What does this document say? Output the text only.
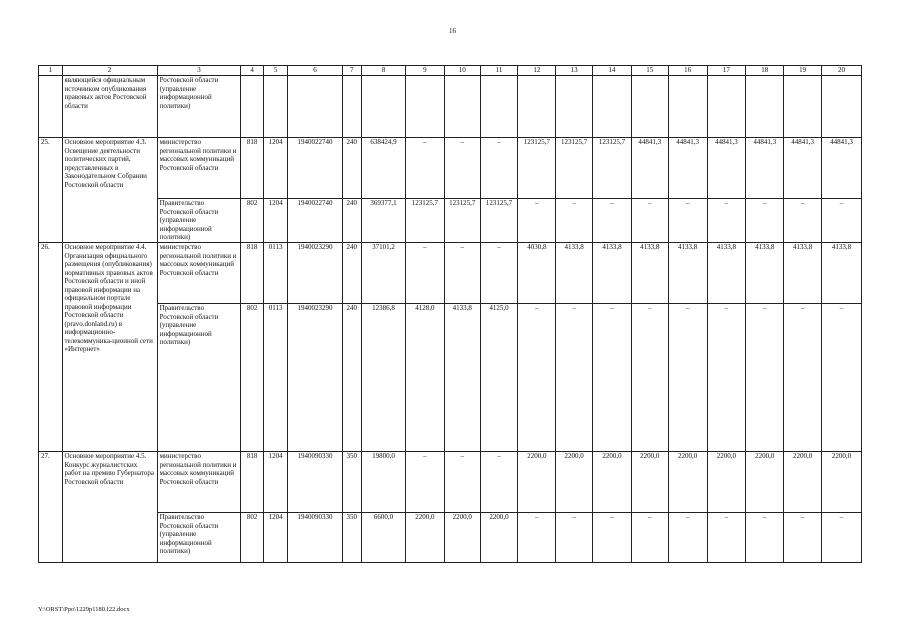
16
1	2	3	4	5	6	7	8	9	10	11	12	13	14	15	16	17	18	19	20
	являющейся официальным источником опубликования правовых актов Ростовской области	Ростовской области (управление информационной политики)																	
25.	Основное мероприятие 4.3. Освещение деятельности политических партий, представленных в Законодательном Собрании Ростовской области	министерство региональной политики и массовых коммуникаций Ростовской области	818	1204	1940022740	240	638424,9	–	–	–	123125,7	123125,7	123125,7	44841,3	44841,3	44841,3	44841,3	44841,3	44841,3
		Правительство Ростовской области (управление информационной политики)	802	1204	1940022740	240	369377,1	123125,7	123125,7	123125,7	–	–	–	–	–	–	–	–	–
26.	Основное мероприятие 4.4. Организация официального размещения (опубликования) нормативных правовых актов Ростовской области и иной правовой информации на официальном портале правовой информации Ростовской области (pravo.donland.ru) в информационно-телекоммуника-ционной сети «Интернет»	министерство региональной политики и массовых коммуникаций Ростовской области	818	0113	1940023290	240	37101,2	–	–	–	4030,8	4133,8	4133,8	4133,8	4133,8	4133,8	4133,8	4133,8	4133,8
		Правительство Ростовской области (управление информационной политики)	802	0113	1940023290	240	12386,8	4128,0	4133,8	4125,0	–	–	–	–	–	–	–	–	–
27.	Основное мероприятие 4.5. Конкурс журналистских работ на премию Губернатора Ростовской области	министерство региональной политики и массовых коммуникаций Ростовской области	818	1204	1940090330	350	19800,0	–	–	–	2200,0	2200,0	2200,0	2200,0	2200,0	2200,0	2200,0	2200,0	2200,0
		Правительство Ростовской области (управление информационной политики)	802	1204	1940090330	350	6600,0	2200,0	2200,0	2200,0	–	–	–	–	–	–	–	–	–
Y:\ORST\Ppo\1229p1180.f22.docx
